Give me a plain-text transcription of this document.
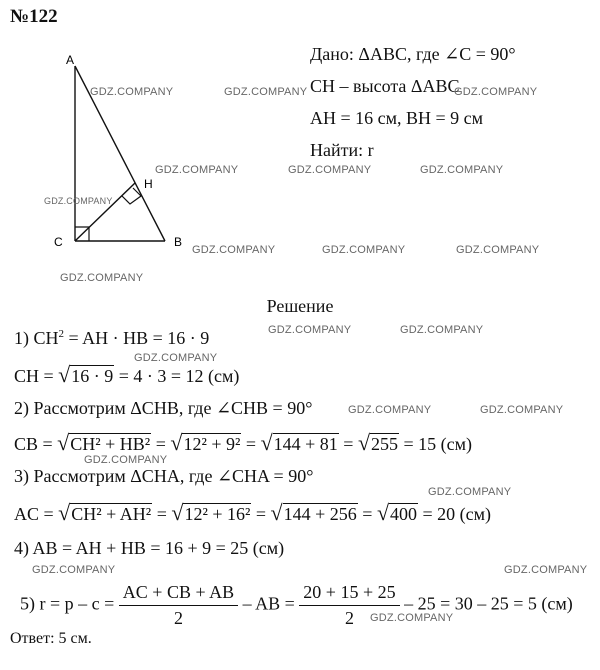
№122
A
C	B
H
Дано: ΔABC, где ∠C = 90°
CH – высота ΔABC
AH = 16 см, BH = 9 см
Найти: r
Решение
1) $CH^2$ = AH · HB = 16 · 9
CH = √16 · 9 = 4 · 3 = 12 (см)
2) Рассмотрим ΔCHB, где ∠CHB = 90°
CB = √CH² + HB² = √12² + 9² = √144 + 81 = √255 = 15 (см)
3) Рассмотрим ΔCHA, где ∠CHA = 90°
AC = √CH² + AH² = √12² + 16² = √144 + 256 = √400 = 20 (см)
4) AB = AH + HB = 16 + 9 = 25 (см)
5) $r = p - c = \frac{AC + CB + AB}{2}$ – AB = $\frac{20 + 15 + 25}{2} - 25 = 30 - 25 = 5$ (см)
Ответ: 5 см.
GDZ.COMPANY	GDZ.COMPANY	GDZ.COMPANY
GDZ.COMPANY	GDZ.COMPANY	GDZ.COMPANY
GDZ.COMPANY
GDZ.COMPANY	GDZ.COMPANY	GDZ.COMPANY
GDZ.COMPANY
GDZ.COMPANY	GDZ.COMPANY
GDZ.COMPANY
GDZ.COMPANY	GDZ.COMPANY
GDZ.COMPANY
GDZ.COMPANY
GDZ.COMPANY	GDZ.COMPANY
GDZ.COMPANY
